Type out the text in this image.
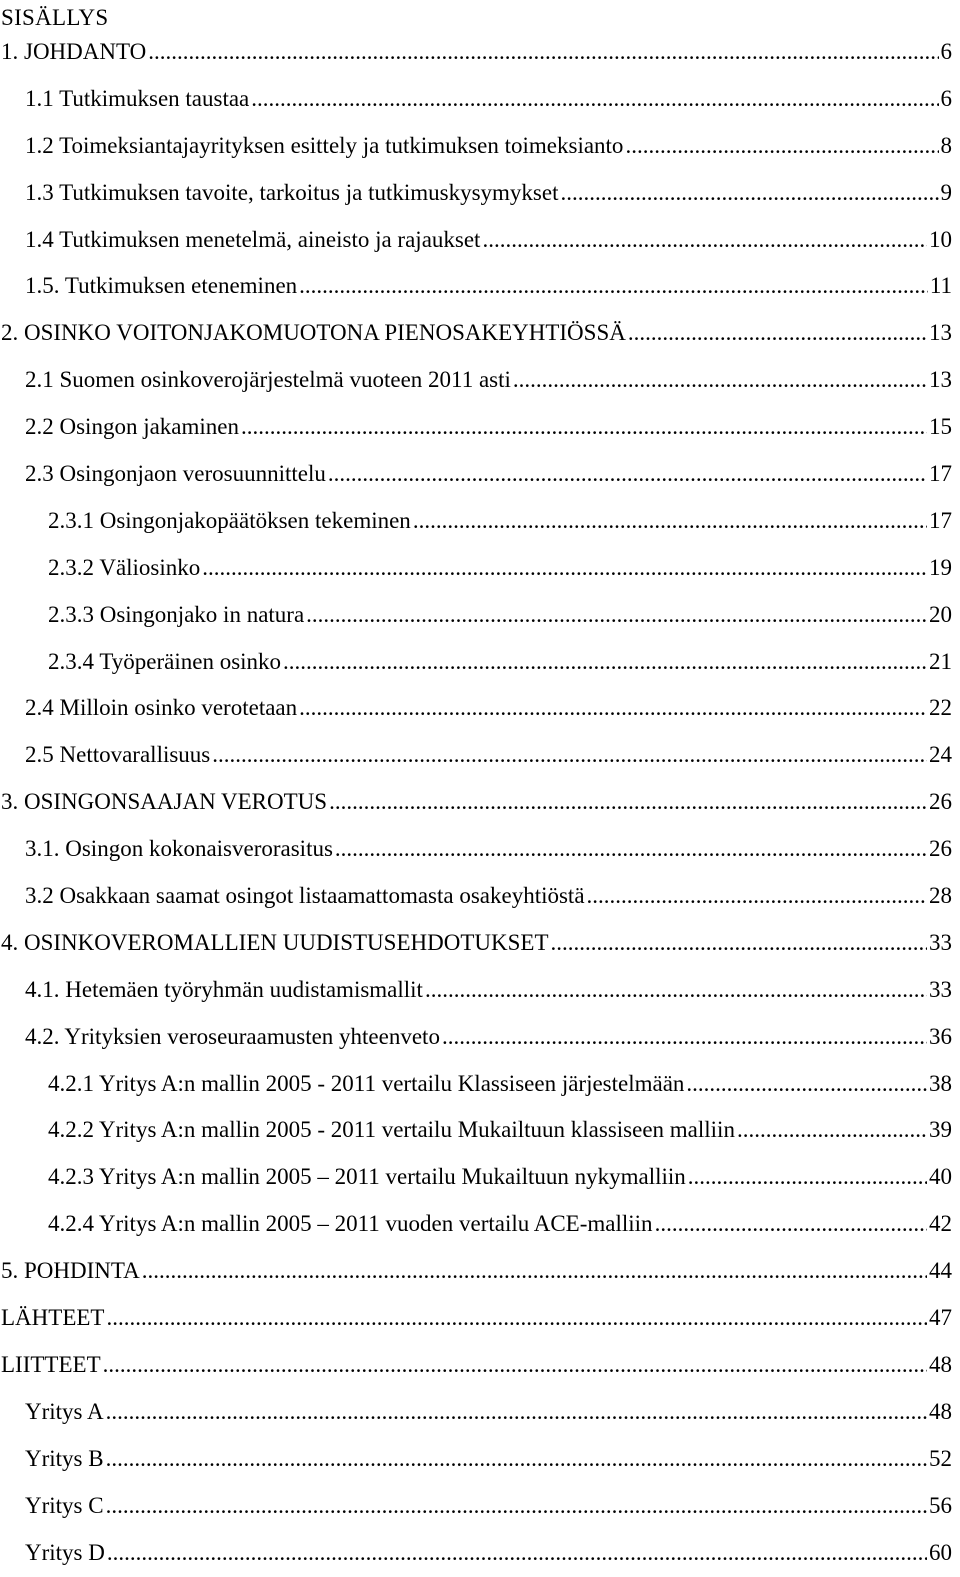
SISÄLLYS
1. JOHDANTO .....	6
1.1 Tutkimuksen taustaa .....	6
1.2 Toimeksiantajayrityksen esittely ja tutkimuksen toimeksianto .....	8
1.3 Tutkimuksen tavoite, tarkoitus ja tutkimuskysymykset .....	9
1.4 Tutkimuksen menetelmä, aineisto ja rajaukset .....	10
1.5. Tutkimuksen eteneminen .....	11
2. OSINKO VOITONJAKOMUOTONA PIENOSAKEYHTIÖSSÄ .....	13
2.1 Suomen osinkoverojärjestelmä vuoteen 2011 asti .....	13
2.2 Osingon jakaminen .....	15
2.3 Osingonjaon verosuunnittelu .....	17
2.3.1 Osingonjakopäätöksen tekeminen .....	17
2.3.2 Väliosinko .....	19
2.3.3 Osingonjako in natura .....	20
2.3.4 Työperäinen osinko .....	21
2.4 Milloin osinko verotetaan .....	22
2.5 Nettovarallisuus .....	24
3. OSINGONSAAJAN VEROTUS .....	26
3.1. Osingon kokonaisverorasitus .....	26
3.2 Osakkaan saamat osingot listaamattomasta osakeyhtiöstä .....	28
4. OSINKOVEROMALLIEN UUDISTUSEHDOTUKSET .....	33
4.1. Hetemäen työryhmän uudistamismallit .....	33
4.2. Yrityksien veroseuraamusten yhteenveto .....	36
4.2.1 Yritys A:n mallin 2005 - 2011 vertailu Klassiseen järjestelmään .....	38
4.2.2 Yritys A:n mallin 2005 - 2011 vertailu Mukailtuun klassiseen malliin .....	39
4.2.3 Yritys A:n mallin 2005 – 2011 vertailu Mukailtuun nykymalliin .....	40
4.2.4 Yritys A:n mallin 2005 – 2011 vuoden vertailu ACE-malliin .....	42
5. POHDINTA .....	44
LÄHTEET .....	47
LIITTEET .....	48
Yritys A .....	48
Yritys B .....	52
Yritys C .....	56
Yritys D .....	60
